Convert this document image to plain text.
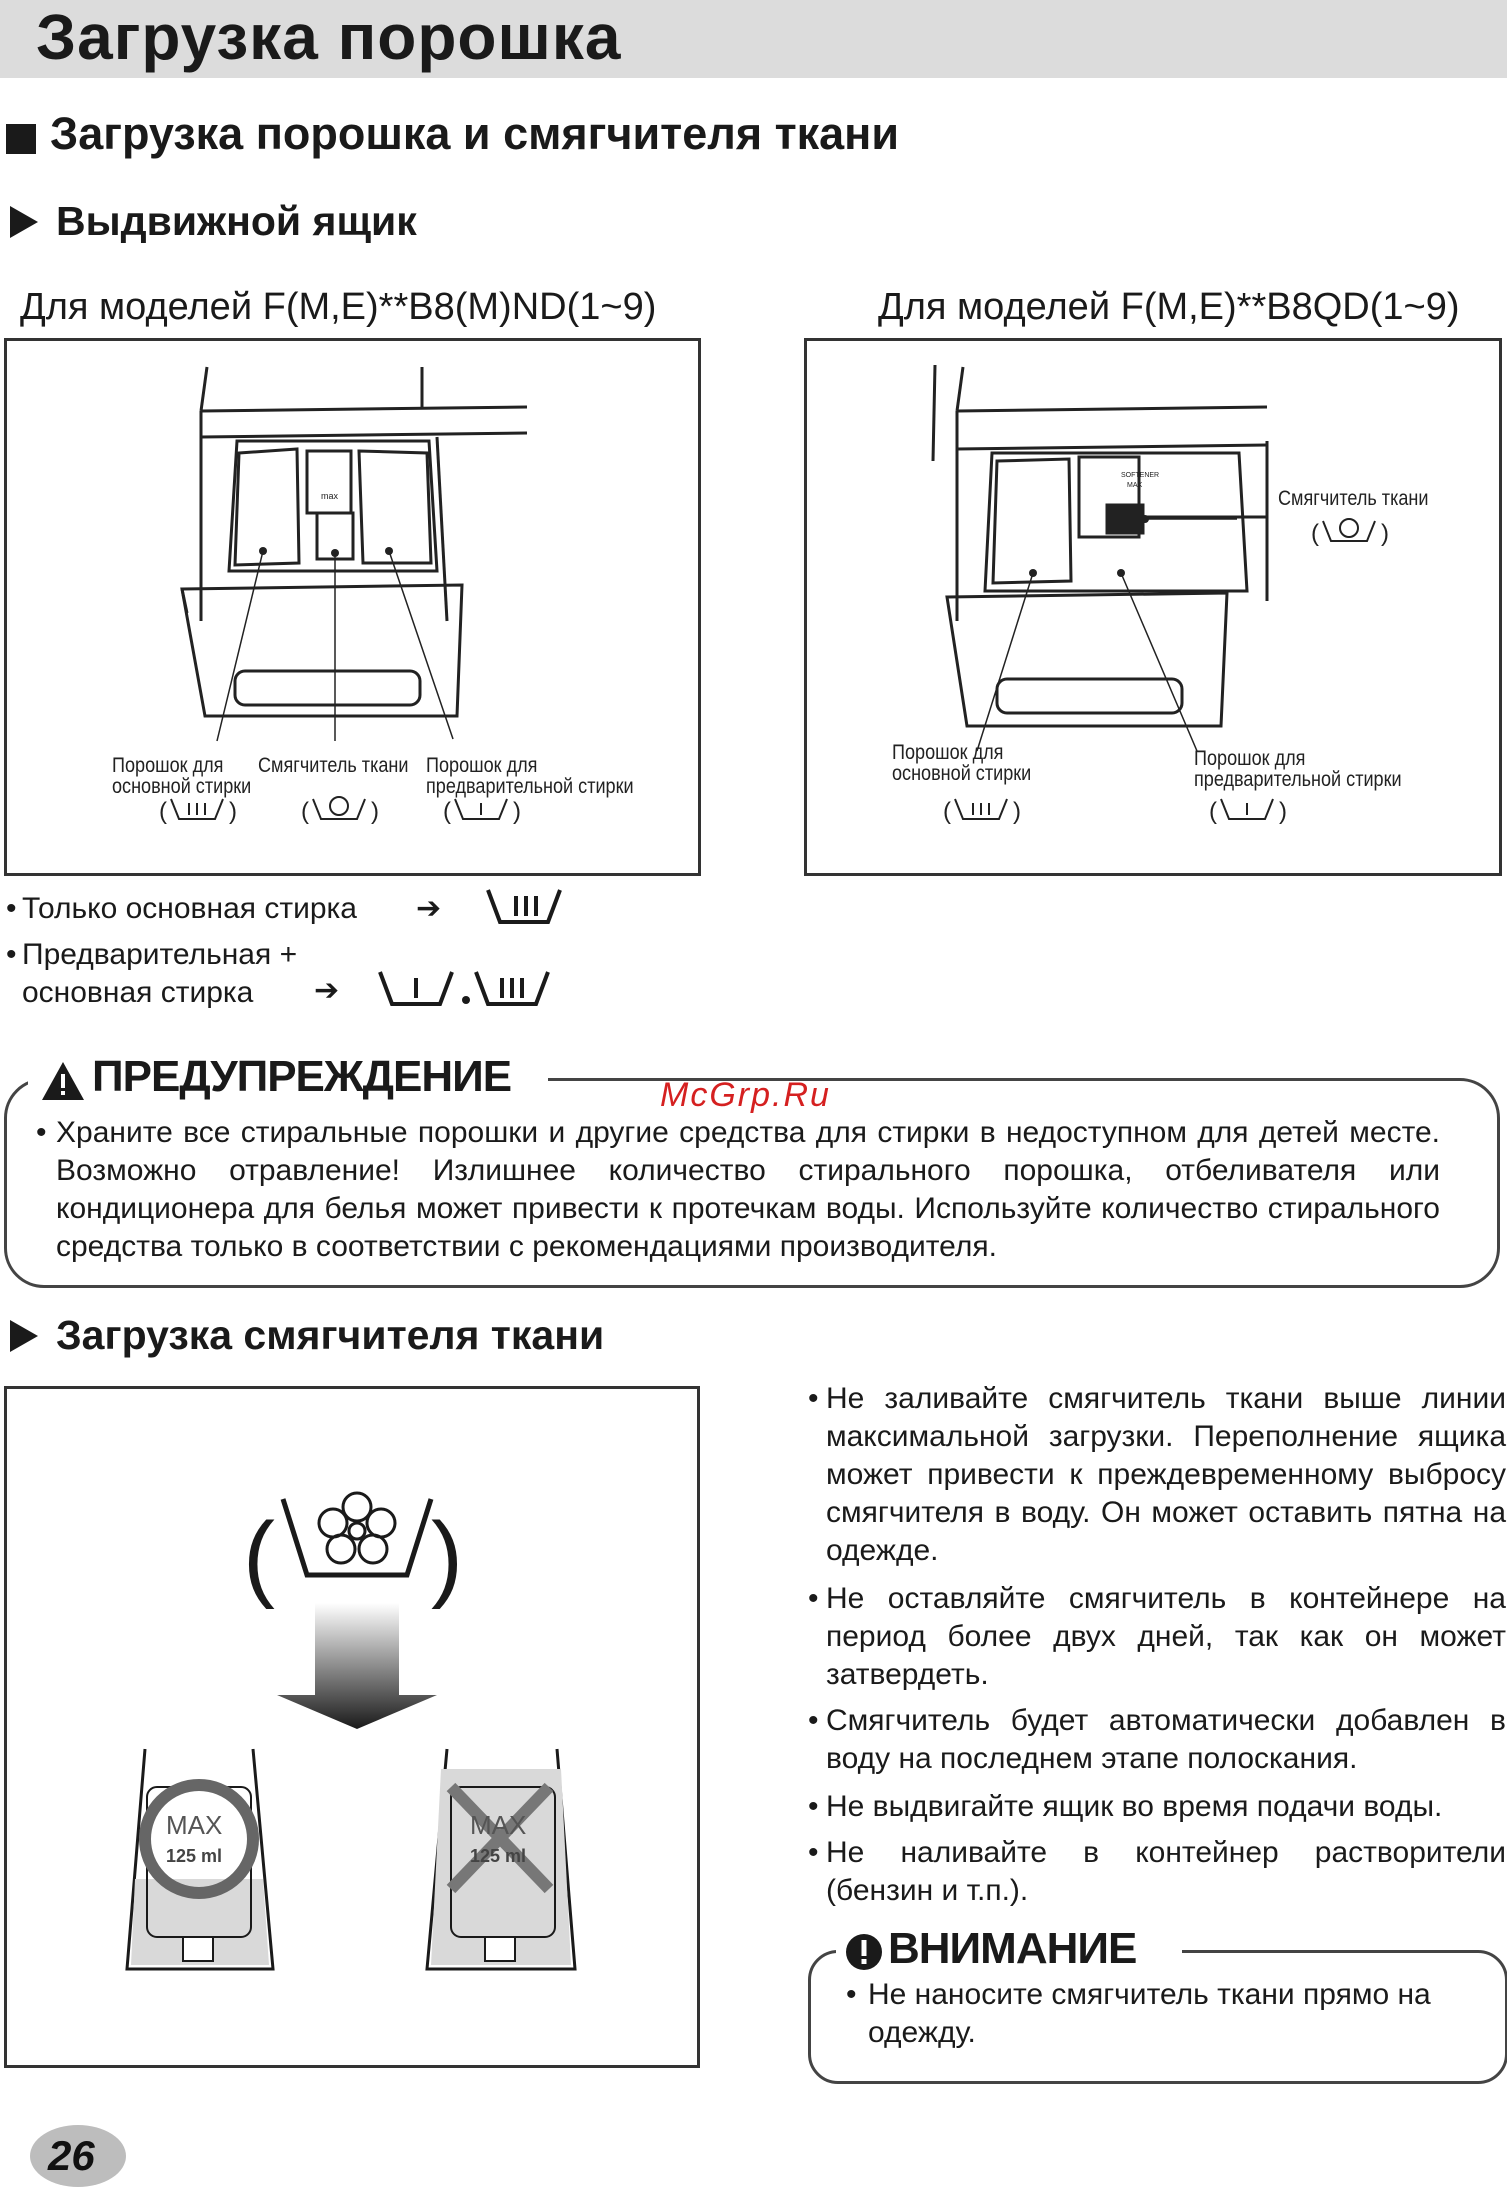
Загрузка порошка
Загрузка порошка и смягчителя ткани
Выдвижной ящик
Для моделей F(M,E)**B8(M)ND(1~9)	Для моделей F(M,E)**B8QD(1~9)
max
(	)	(	)	(	)
Порошок для
основной стирки
Смягчитель ткани Порошок для
предварительной стирки
SOFTENER
MAX
(	)	(	)
(	)
Смягчитель ткани
Порошок для
основной стирки
Порошок для
предварительной стирки
• Только основная стирка ➔
• Предварительная +
основная стирка ➔
ПРЕДУПРЕЖДЕНИЕ	McGrp.Ru
• Храните все стиральные порошки и другие средства для стирки в недоступном для детей месте. Возможно отравление! Излишнее количество стирального порошка, отбеливателя или кондиционера для белья может привести к протечкам воды. Используйте количество стирального средства только в соответствии с рекомендациями производителя.
Загрузка смягчителя ткани
( )
MAX
125 ml
MAX
125 ml
• Не заливайте смягчитель ткани выше линии максимальной загрузки. Переполнение ящика может привести к преждевременному выбросу смягчителя в воду. Он может оставить пятна на одежде.
• Не оставляйте смягчитель в контейнере на период более двух дней, так как он может затвердеть.
• Смягчитель будет автоматически добавлен в воду на последнем этапе полоскания.
• Не выдвигайте ящик во время подачи воды.
• Не наливайте в контейнер растворители (бензин и т.п.).
ВНИМАНИЕ
• Не наносите смягчитель ткани прямо на одежду.
26
